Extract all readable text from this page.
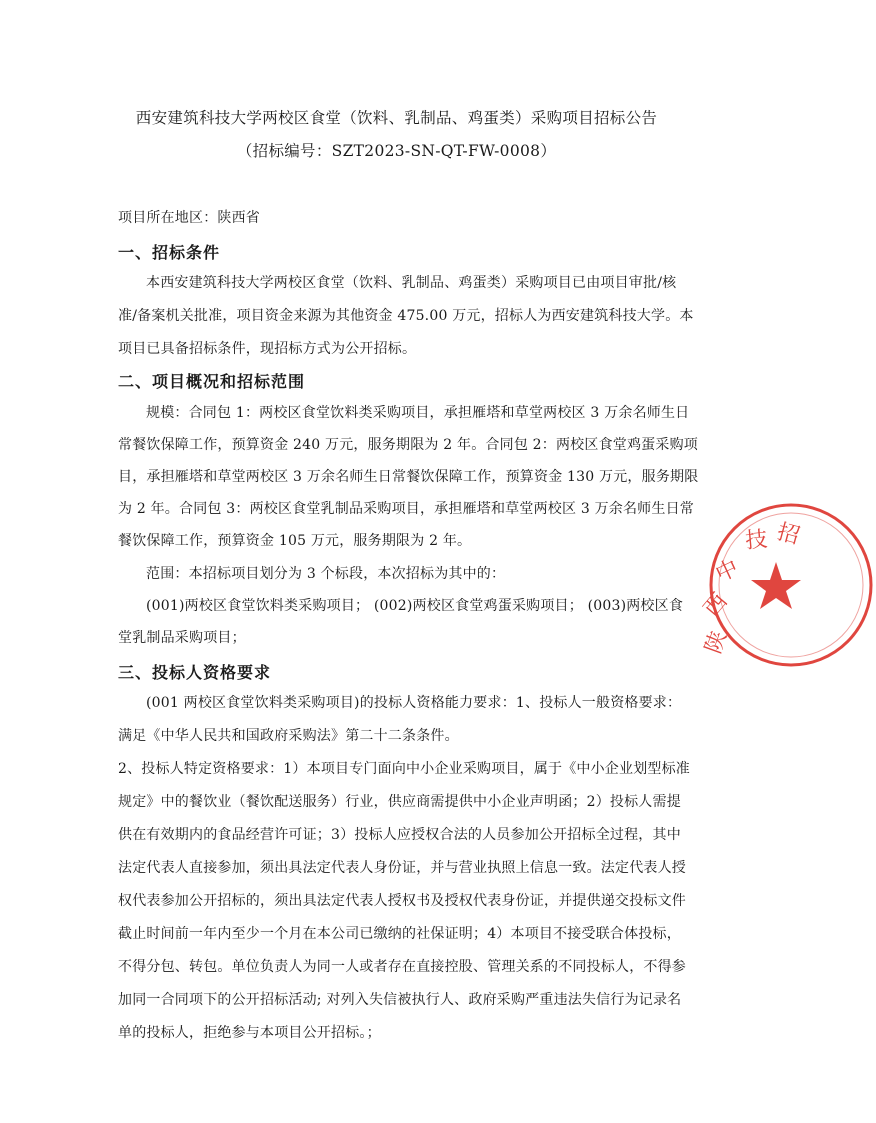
西安建筑科技大学两校区食堂（饮料、乳制品、鸡蛋类）采购项目招标公告
（招标编号：SZT2023-SN-QT-FW-0008）
项目所在地区：陕西省
一、招标条件
本西安建筑科技大学两校区食堂（饮料、乳制品、鸡蛋类）采购项目已由项目审批/核
准/备案机关批准，项目资金来源为其他资金 475.00 万元，招标人为西安建筑科技大学。本
项目已具备招标条件，现招标方式为公开招标。
二、项目概况和招标范围
规模：合同包 1：两校区食堂饮料类采购项目，承担雁塔和草堂两校区 3 万余名师生日
常餐饮保障工作，预算资金 240 万元，服务期限为 2 年。合同包 2：两校区食堂鸡蛋采购项
目，承担雁塔和草堂两校区 3 万余名师生日常餐饮保障工作，预算资金 130 万元，服务期限
为 2 年。合同包 3：两校区食堂乳制品采购项目，承担雁塔和草堂两校区 3 万余名师生日常
餐饮保障工作，预算资金 105 万元，服务期限为 2 年。
范围：本招标项目划分为 3 个标段，本次招标为其中的：
(001)两校区食堂饮料类采购项目； (002)两校区食堂鸡蛋采购项目； (003)两校区食
堂乳制品采购项目；
三、投标人资格要求
(001 两校区食堂饮料类采购项目)的投标人资格能力要求：1、投标人一般资格要求：
满足《中华人民共和国政府采购法》第二十二条条件。
2、投标人特定资格要求：1）本项目专门面向中小企业采购项目，属于《中小企业划型标准
规定》中的餐饮业（餐饮配送服务）行业，供应商需提供中小企业声明函；2）投标人需提
供在有效期内的食品经营许可证；3）投标人应授权合法的人员参加公开招标全过程，其中
法定代表人直接参加，须出具法定代表人身份证，并与营业执照上信息一致。法定代表人授
权代表参加公开招标的，须出具法定代表人授权书及授权代表身份证，并提供递交投标文件
截止时间前一年内至少一个月在本公司已缴纳的社保证明；4）本项目不接受联合体投标，
不得分包、转包。单位负责人为同一人或者存在直接控股、管理关系的不同投标人，不得参
加同一合同项下的公开招标活动; 对列入失信被执行人、政府采购严重违法失信行为记录名
单的投标人，拒绝参与本项目公开招标。；
陕
西
中
技 招
